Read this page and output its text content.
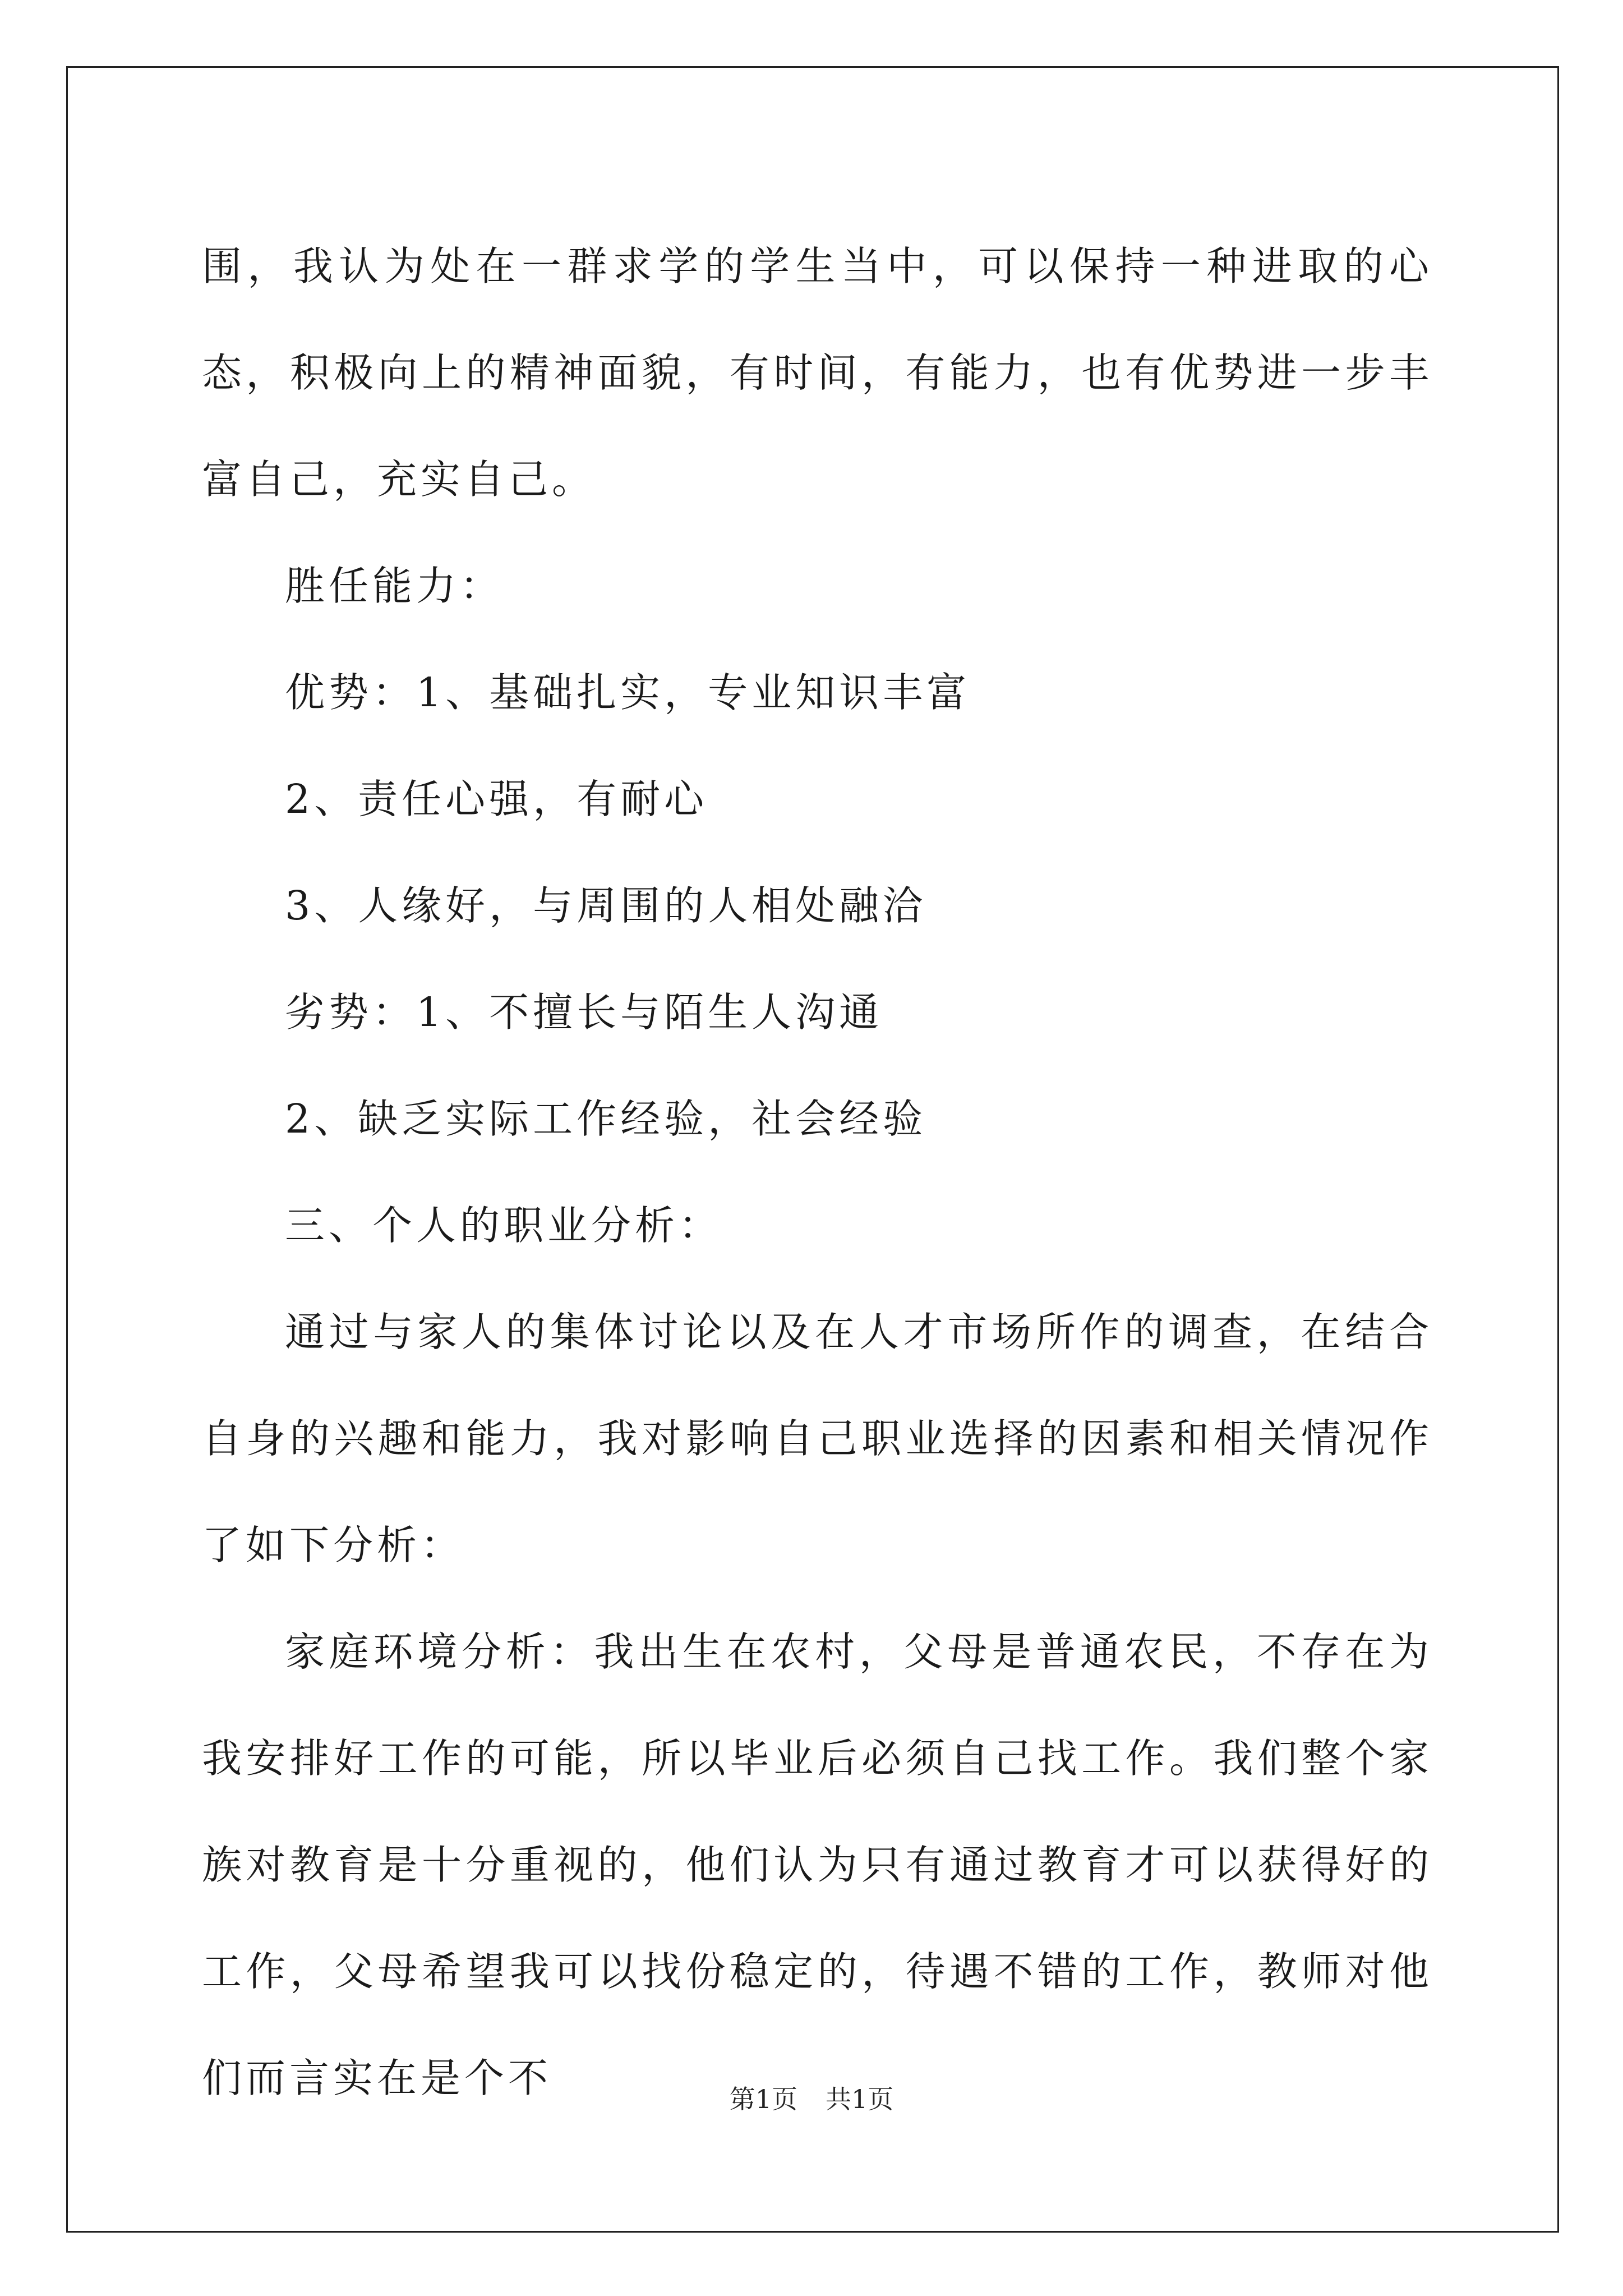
围，我认为处在一群求学的学生当中，可以保持一种进取的心态，积极向上的精神面貌，有时间，有能力，也有优势进一步丰富自己，充实自己。

胜任能力：

优势：1、基础扎实，专业知识丰富

2、责任心强，有耐心

3、人缘好，与周围的人相处融洽

劣势：1、不擅长与陌生人沟通

2、缺乏实际工作经验，社会经验

三、个人的职业分析：

通过与家人的集体讨论以及在人才市场所作的调查，在结合自身的兴趣和能力，我对影响自己职业选择的因素和相关情况作了如下分析：

家庭环境分析：我出生在农村，父母是普通农民，不存在为我安排好工作的可能，所以毕业后必须自己找工作。我们整个家族对教育是十分重视的，他们认为只有通过教育才可以获得好的工作，父母希望我可以找份稳定的，待遇不错的工作，教师对他们而言实在是个不	第1页 共1页
